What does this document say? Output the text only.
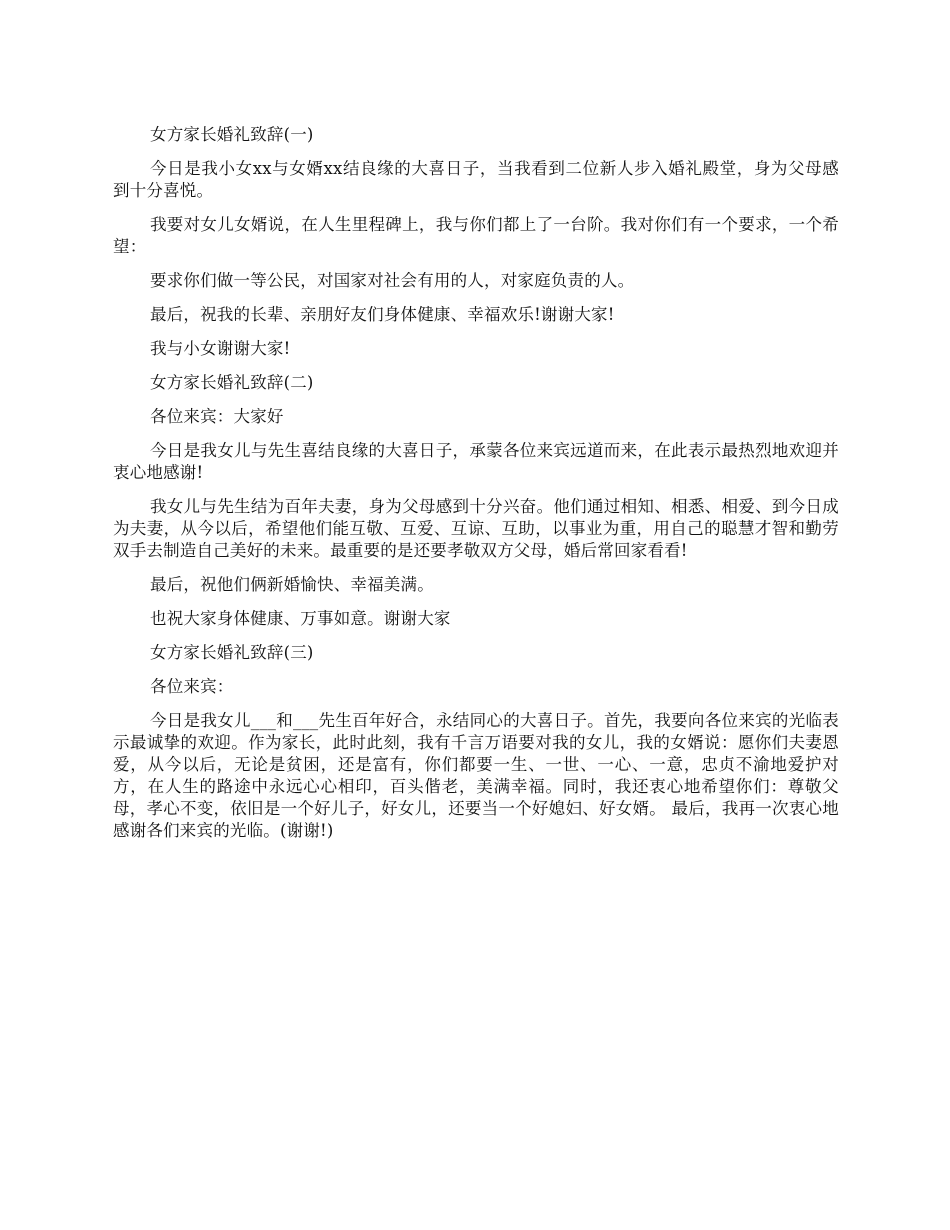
女方家长婚礼致辞(一)

今日是我小女xx与女婿xx结良缘的大喜日子，当我看到二位新人步入婚礼殿堂，身为父母感到十分喜悦。

我要对女儿女婿说，在人生里程碑上，我与你们都上了一台阶。我对你们有一个要求，一个希望：

要求你们做一等公民，对国家对社会有用的人，对家庭负责的人。

最后，祝我的长辈、亲朋好友们身体健康、幸福欢乐!谢谢大家!

我与小女谢谢大家!

女方家长婚礼致辞(二)

各位来宾：大家好

今日是我女儿与先生喜结良缘的大喜日子，承蒙各位来宾远道而来，在此表示最热烈地欢迎并衷心地感谢!

我女儿与先生结为百年夫妻，身为父母感到十分兴奋。他们通过相知、相悉、相爱、到今日成为夫妻，从今以后，希望他们能互敬、互爱、互谅、互助，以事业为重，用自己的聪慧才智和勤劳双手去制造自己美好的未来。最重要的是还要孝敬双方父母，婚后常回家看看!

最后，祝他们俩新婚愉快、幸福美满。

也祝大家身体健康、万事如意。谢谢大家

女方家长婚礼致辞(三)

各位来宾：

今日是我女儿___和___先生百年好合，永结同心的大喜日子。首先，我要向各位来宾的光临表示最诚挚的欢迎。作为家长，此时此刻，我有千言万语要对我的女儿，我的女婿说：愿你们夫妻恩爱，从今以后，无论是贫困，还是富有，你们都要一生、一世、一心、一意，忠贞不渝地爱护对方，在人生的路途中永远心心相印，百头偕老，美满幸福。同时，我还衷心地希望你们：尊敬父母，孝心不变，依旧是一个好儿子，好女儿，还要当一个好媳妇、好女婿。 最后，我再一次衷心地感谢各们来宾的光临。(谢谢!)
